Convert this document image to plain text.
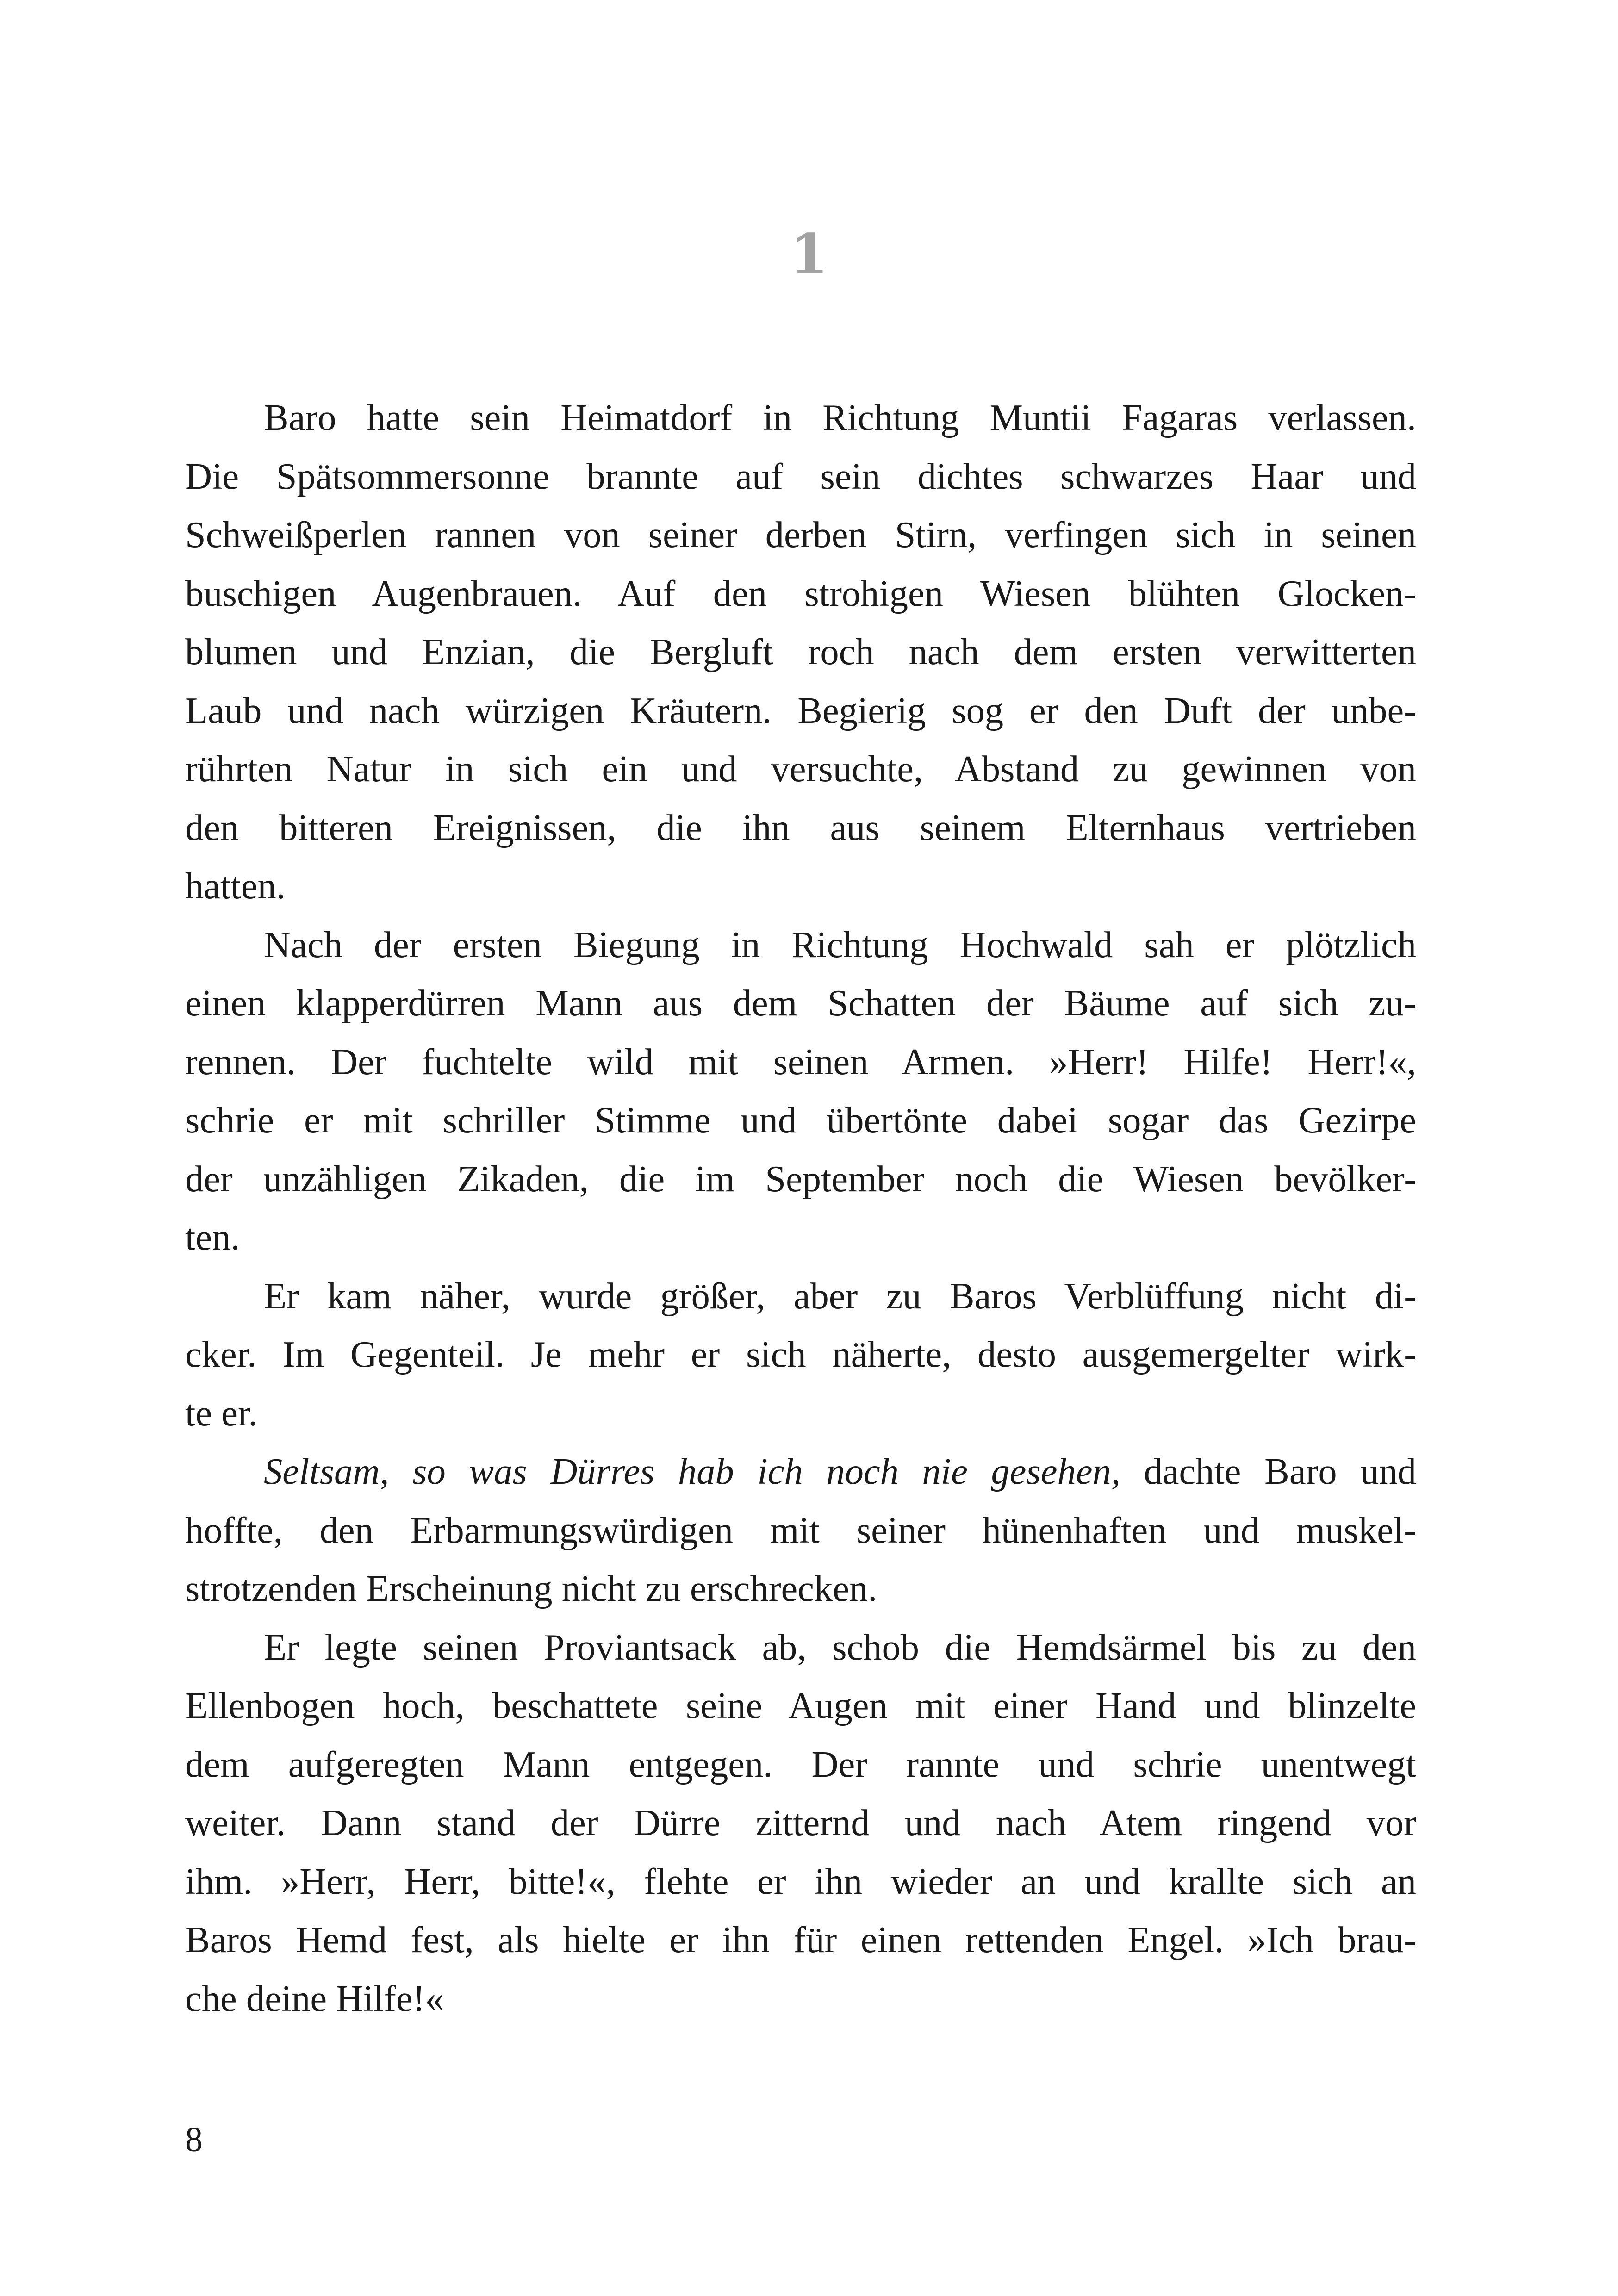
1
Baro hatte sein Heimatdorf in Richtung Muntii Fagaras verlassen.
Die Spätsommersonne brannte auf sein dichtes schwarzes Haar und
Schweißperlen rannen von seiner derben Stirn, verfingen sich in seinen
buschigen Augenbrauen. Auf den strohigen Wiesen blühten Glocken-
blumen und Enzian, die Bergluft roch nach dem ersten verwitterten
Laub und nach würzigen Kräutern. Begierig sog er den Duft der unbe-
rührten Natur in sich ein und versuchte, Abstand zu gewinnen von
den bitteren Ereignissen, die ihn aus seinem Elternhaus vertrieben
hatten.
Nach der ersten Biegung in Richtung Hochwald sah er plötzlich
einen klapperdürren Mann aus dem Schatten der Bäume auf sich zu-
rennen. Der fuchtelte wild mit seinen Armen. »Herr! Hilfe! Herr!«,
schrie er mit schriller Stimme und übertönte dabei sogar das Gezirpe
der unzähligen Zikaden, die im September noch die Wiesen bevölker-
ten.
Er kam näher, wurde größer, aber zu Baros Verblüffung nicht di-
cker. Im Gegenteil. Je mehr er sich näherte, desto ausgemergelter wirk-
te er.
Seltsam, so was Dürres hab ich noch nie gesehen, dachte Baro und
hoffte, den Erbarmungswürdigen mit seiner hünenhaften und muskel-
strotzenden Erscheinung nicht zu erschrecken.
Er legte seinen Proviantsack ab, schob die Hemdsärmel bis zu den
Ellenbogen hoch, beschattete seine Augen mit einer Hand und blinzelte
dem aufgeregten Mann entgegen. Der rannte und schrie unentwegt
weiter. Dann stand der Dürre zitternd und nach Atem ringend vor
ihm. »Herr, Herr, bitte!«, flehte er ihn wieder an und krallte sich an
Baros Hemd fest, als hielte er ihn für einen rettenden Engel. »Ich brau-
che deine Hilfe!«
8
